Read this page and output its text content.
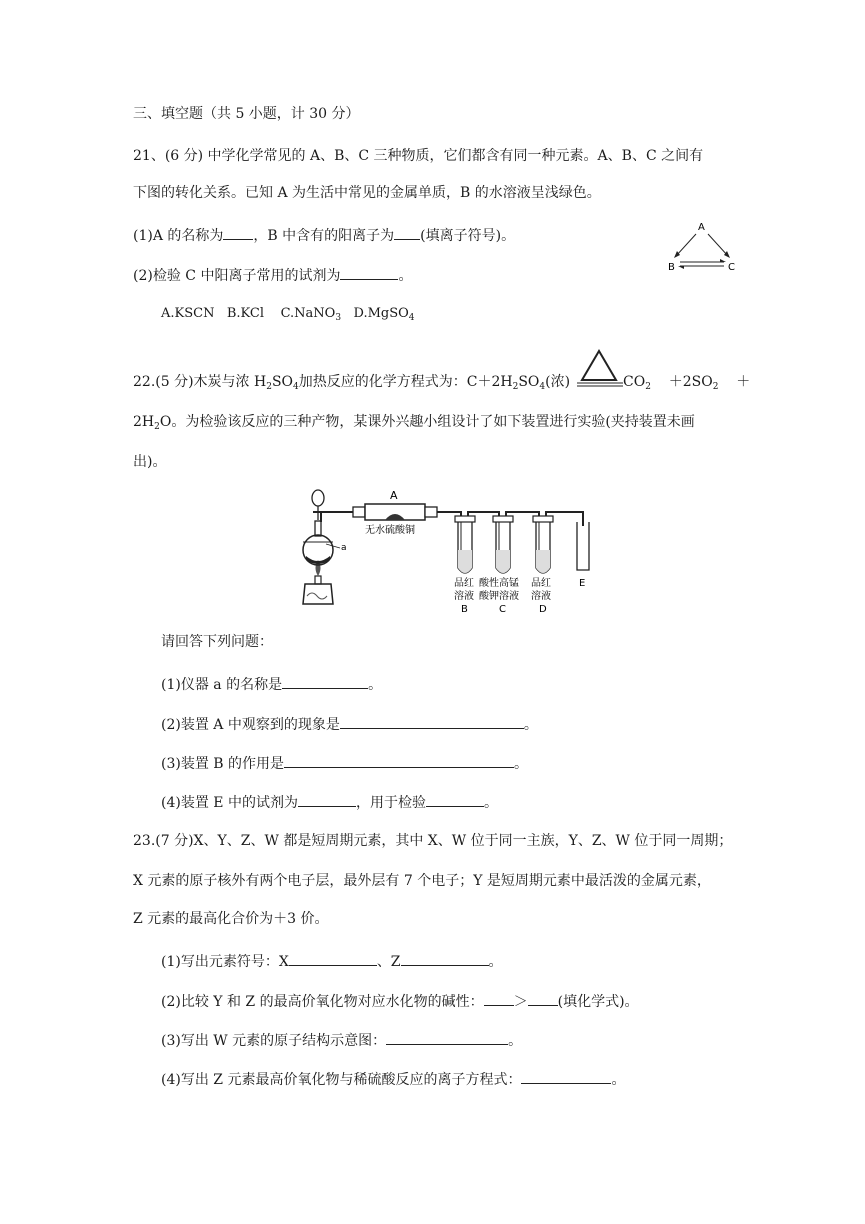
三、填空题（共 5 小题，计 30 分）
21、(6 分) 中学化学常见的 A、B、C 三种物质，它们都含有同一种元素。A、B、C 之间有
下图的转化关系。已知 A 为生活中常见的金属单质，B 的水溶液呈浅绿色。
(1)A 的名称为 ，B 中含有的阳离子为 (填离子符号)。
(2)检验 C 中阳离子常用的试剂为	。
A.KSCN B.KCl C.NaNO$_3$ D.MgSO$_4$
A
B	C
22.(5 分)木炭与浓 $H_2SO_4$加热反应的化学方程式为：$C+2H_2SO_4$(浓)	$CO_2 +2SO_2$ ＋
$2H_2O$。为检验该反应的三种产物，某课外兴趣小组设计了如下装置进行实验(夹持装置未画
出)。
a
A
无水硫酸铜
品红
溶液
B
酸性高锰
酸钾溶液
C
品红
溶液
D
E
请回答下列问题：
(1)仪器 a 的名称是	。
(2)装置 A 中观察到的现象是	。
(3)装置 B 的作用是	。
(4)装置 E 中的试剂为	，用于检验	。
23.(7 分)X、Y、Z、W 都是短周期元素，其中 X、W 位于同一主族，Y、Z、W 位于同一周期；
X 元素的原子核外有两个电子层，最外层有 7 个电子；Y 是短周期元素中最活泼的金属元素，
Z 元素的最高化合价为＋3 价。
(1)写出元素符号：X	、Z	。
(2)比较 Y 和 Z 的最高价氧化物对应水化物的碱性： ＞ (填化学式)。
(3)写出 W 元素的原子结构示意图：	。
(4)写出 Z 元素最高价氧化物与稀硫酸反应的离子方程式：	。
